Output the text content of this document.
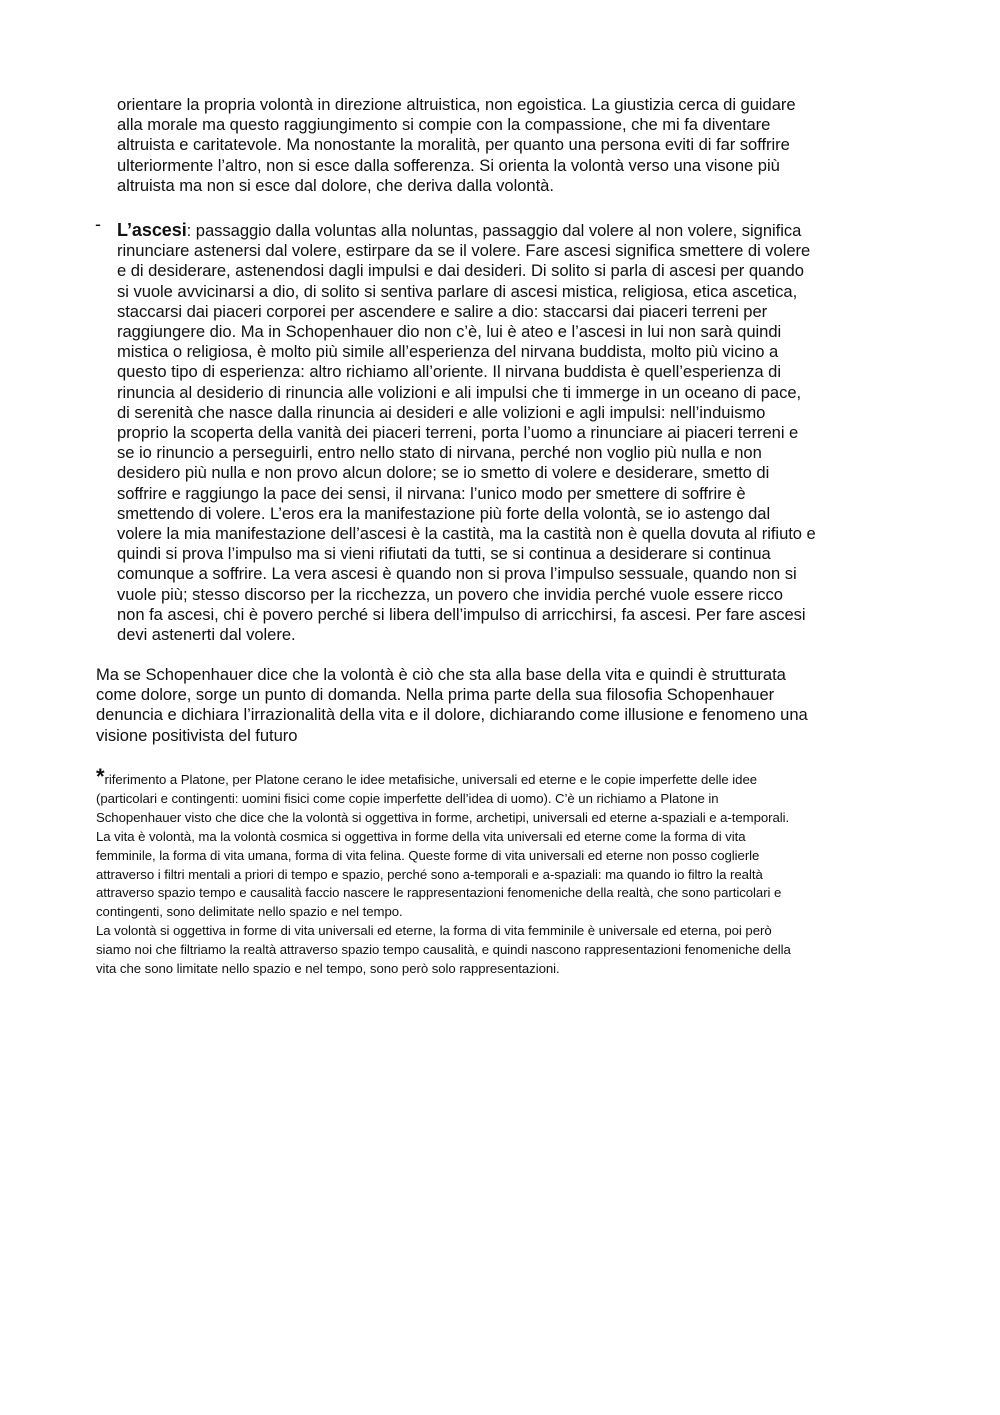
orientare la propria volontà in direzione altruistica, non egoistica. La giustizia cerca di guidare
alla morale ma questo raggiungimento si compie con la compassione, che mi fa diventare
altruista e caritatevole. Ma nonostante la moralità, per quanto una persona eviti di far soffrire
ulteriormente l’altro, non si esce dalla sofferenza. Si orienta la volontà verso una visone più
altruista ma non si esce dal dolore, che deriva dalla volontà.
- L’ascesi: passaggio dalla voluntas alla noluntas, passaggio dal volere al non volere, significa
rinunciare astenersi dal volere, estirpare da se il volere. Fare ascesi significa smettere di volere
e di desiderare, astenendosi dagli impulsi e dai desideri. Di solito si parla di ascesi per quando
si vuole avvicinarsi a dio, di solito si sentiva parlare di ascesi mistica, religiosa, etica ascetica,
staccarsi dai piaceri corporei per ascendere e salire a dio: staccarsi dai piaceri terreni per
raggiungere dio. Ma in Schopenhauer dio non c’è, lui è ateo e l’ascesi in lui non sarà quindi
mistica o religiosa, è molto più simile all’esperienza del nirvana buddista, molto più vicino a
questo tipo di esperienza: altro richiamo all’oriente. Il nirvana buddista è quell’esperienza di
rinuncia al desiderio di rinuncia alle volizioni e ali impulsi che ti immerge in un oceano di pace,
di serenità che nasce dalla rinuncia ai desideri e alle volizioni e agli impulsi: nell’induismo
proprio la scoperta della vanità dei piaceri terreni, porta l’uomo a rinunciare ai piaceri terreni e
se io rinuncio a perseguirli, entro nello stato di nirvana, perché non voglio più nulla e non
desidero più nulla e non provo alcun dolore; se io smetto di volere e desiderare, smetto di
soffrire e raggiungo la pace dei sensi, il nirvana: l’unico modo per smettere di soffrire è
smettendo di volere. L’eros era la manifestazione più forte della volontà, se io astengo dal
volere la mia manifestazione dell’ascesi è la castità, ma la castità non è quella dovuta al rifiuto e
quindi si prova l’impulso ma si vieni rifiutati da tutti, se si continua a desiderare si continua
comunque a soffrire. La vera ascesi è quando non si prova l’impulso sessuale, quando non si
vuole più; stesso discorso per la ricchezza, un povero che invidia perché vuole essere ricco
non fa ascesi, chi è povero perché si libera dell’impulso di arricchirsi, fa ascesi. Per fare ascesi
devi astenerti dal volere.
Ma se Schopenhauer dice che la volontà è ciò che sta alla base della vita e quindi è strutturata
come dolore, sorge un punto di domanda. Nella prima parte della sua filosofia Schopenhauer
denuncia e dichiara l’irrazionalità della vita e il dolore, dichiarando come illusione e fenomeno una
visione positivista del futuro
*riferimento a Platone, per Platone cerano le idee metafisiche, universali ed eterne e le copie imperfette delle idee
(particolari e contingenti: uomini fisici come copie imperfette dell’idea di uomo). C’è un richiamo a Platone in
Schopenhauer visto che dice che la volontà si oggettiva in forme, archetipi, universali ed eterne a-spaziali e a-temporali.
La vita è volontà, ma la volontà cosmica si oggettiva in forme della vita universali ed eterne come la forma di vita
femminile, la forma di vita umana, forma di vita felina. Queste forme di vita universali ed eterne non posso coglierle
attraverso i filtri mentali a priori di tempo e spazio, perché sono a-temporali e a-spaziali: ma quando io filtro la realtà
attraverso spazio tempo e causalità faccio nascere le rappresentazioni fenomeniche della realtà, che sono particolari e
contingenti, sono delimitate nello spazio e nel tempo.
La volontà si oggettiva in forme di vita universali ed eterne, la forma di vita femminile è universale ed eterna, poi però
siamo noi che filtriamo la realtà attraverso spazio tempo causalità, e quindi nascono rappresentazioni fenomeniche della
vita che sono limitate nello spazio e nel tempo, sono però solo rappresentazioni.
